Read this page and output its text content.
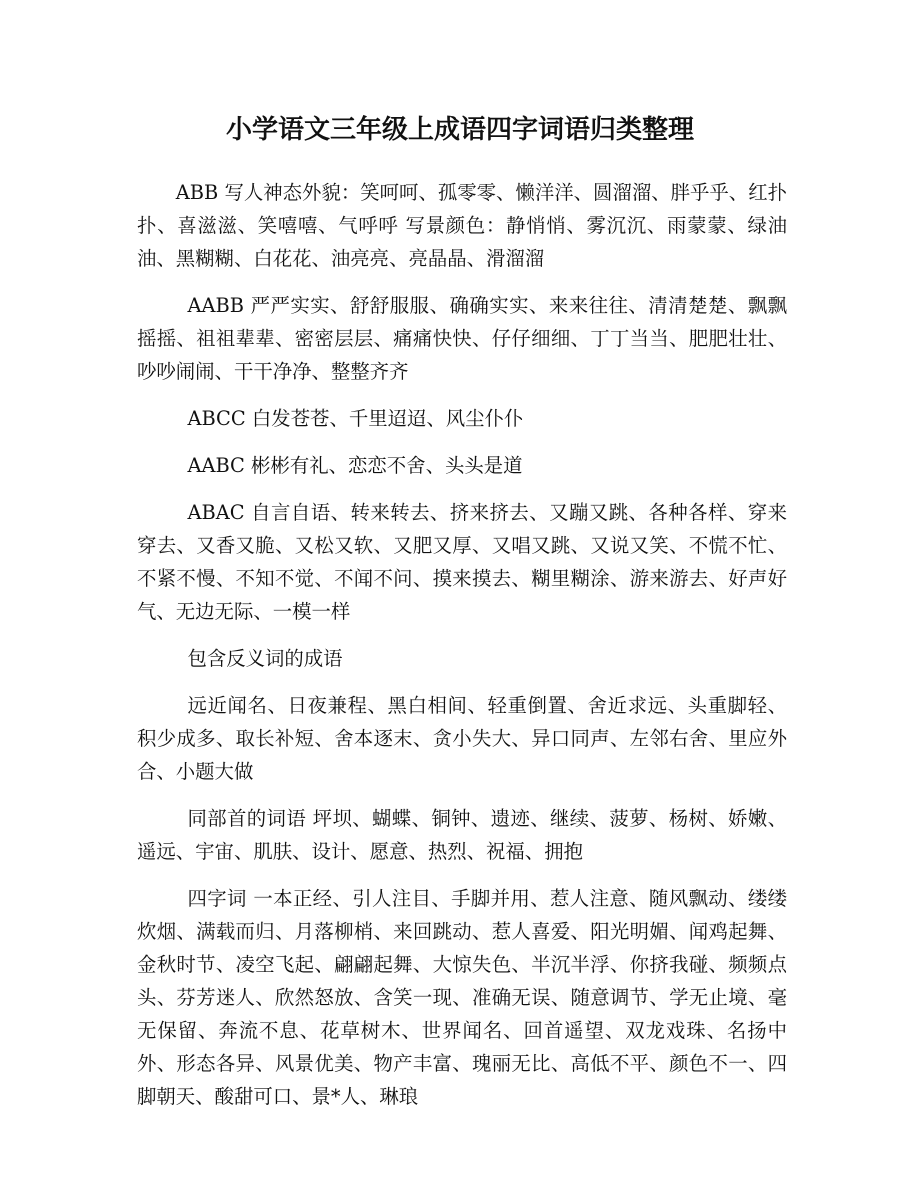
小学语文三年级上成语四字词语归类整理

ABB 写人神态外貌：笑呵呵、孤零零、懒洋洋、圆溜溜、胖乎乎、红扑扑、喜滋滋、笑嘻嘻、气呼呼 写景颜色：静悄悄、雾沉沉、雨蒙蒙、绿油油、黑糊糊、白花花、油亮亮、亮晶晶、滑溜溜

AABB 严严实实、舒舒服服、确确实实、来来往往、清清楚楚、飘飘摇摇、祖祖辈辈、密密层层、痛痛快快、仔仔细细、丁丁当当、肥肥壮壮、吵吵闹闹、干干净净、整整齐齐

ABCC 白发苍苍、千里迢迢、风尘仆仆

AABC 彬彬有礼、恋恋不舍、头头是道

ABAC 自言自语、转来转去、挤来挤去、又蹦又跳、各种各样、穿来穿去、又香又脆、又松又软、又肥又厚、又唱又跳、又说又笑、不慌不忙、不紧不慢、不知不觉、不闻不问、摸来摸去、糊里糊涂、游来游去、好声好气、无边无际、一模一样

包含反义词的成语

远近闻名、日夜兼程、黑白相间、轻重倒置、舍近求远、头重脚轻、积少成多、取长补短、舍本逐末、贪小失大、异口同声、左邻右舍、里应外合、小题大做

同部首的词语 坪坝、蝴蝶、铜钟、遗迹、继续、菠萝、杨树、娇嫩、遥远、宇宙、肌肤、设计、愿意、热烈、祝福、拥抱

四字词 一本正经、引人注目、手脚并用、惹人注意、随风飘动、缕缕炊烟、满载而归、月落柳梢、来回跳动、惹人喜爱、阳光明媚、闻鸡起舞、金秋时节、凌空飞起、翩翩起舞、大惊失色、半沉半浮、你挤我碰、频频点头、芬芳迷人、欣然怒放、含笑一现、准确无误、随意调节、学无止境、毫无保留、奔流不息、花草树木、世界闻名、回首遥望、双龙戏珠、名扬中外、形态各异、风景优美、物产丰富、瑰丽无比、高低不平、颜色不一、四脚朝天、酸甜可口、景*人、琳琅
